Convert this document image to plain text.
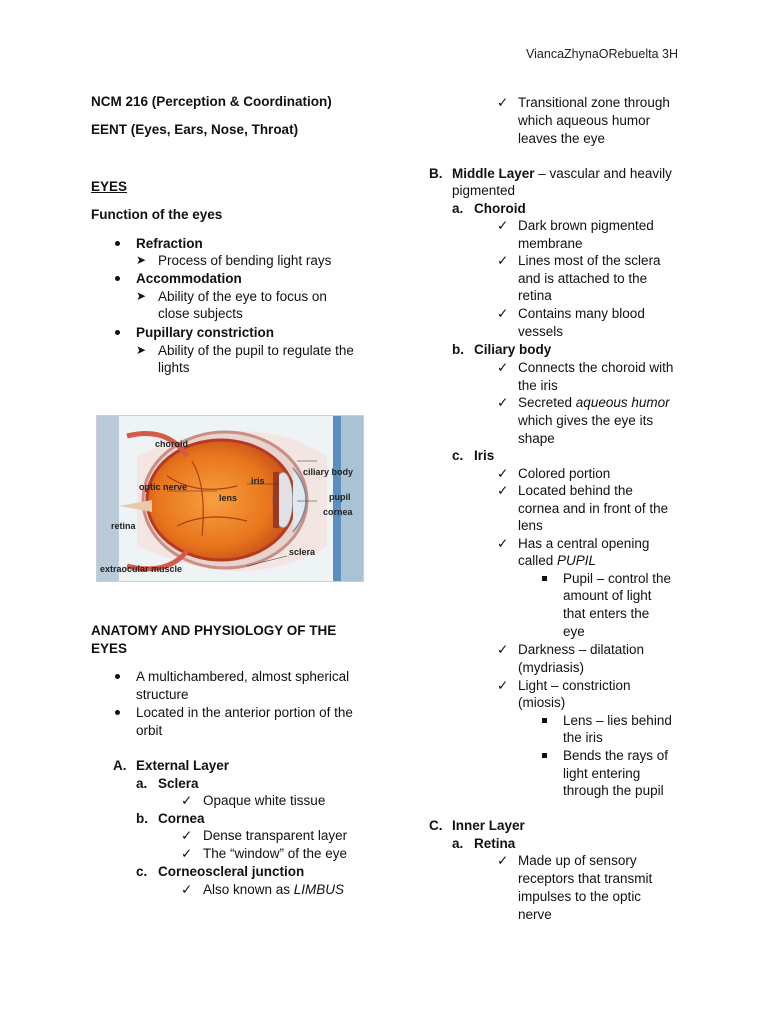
ViancaZhynaORebuelta 3H
NCM 216 (Perception & Coordination)
EENT (Eyes, Ears, Nose, Throat)
EYES
Function of the eyes
Refraction
➤ Process of bending light rays
Accommodation
➤ Ability of the eye to focus on
close subjects
Pupillary constriction
➤ Ability of the pupil to regulate the
lights
choroid
optic nerve
iris
ciliary body
lens	pupil
cornea
retina
sclera
extraocular muscle
ANATOMY AND PHYSIOLOGY OF THE
EYES
A multichambered, almost spherical
structure
Located in the anterior portion of the
orbit
A. External Layer
a. Sclera
✓ Opaque white tissue
b. Cornea
✓ Dense transparent layer
✓ The “window” of the eye
c. Corneoscleral junction
✓ Also known as LIMBUS
✓ Transitional zone through
which aqueous humor
leaves the eye
B. Middle Layer – vascular and heavily
pigmented
a. Choroid
✓ Dark brown pigmented
membrane
✓ Lines most of the sclera
and is attached to the
retina
✓ Contains many blood
vessels
b. Ciliary body
✓ Connects the choroid with
the iris
✓ Secreted aqueous humor
which gives the eye its
shape
c. Iris
✓ Colored portion
✓ Located behind the
cornea and in front of the
lens
✓ Has a central opening
called PUPIL
Pupil – control the
amount of light
that enters the
eye
✓ Darkness – dilatation
(mydriasis)
✓ Light – constriction
(miosis)
Lens – lies behind
the iris
Bends the rays of
light entering
through the pupil
C. Inner Layer
a. Retina
✓ Made up of sensory
receptors that transmit
impulses to the optic
nerve
